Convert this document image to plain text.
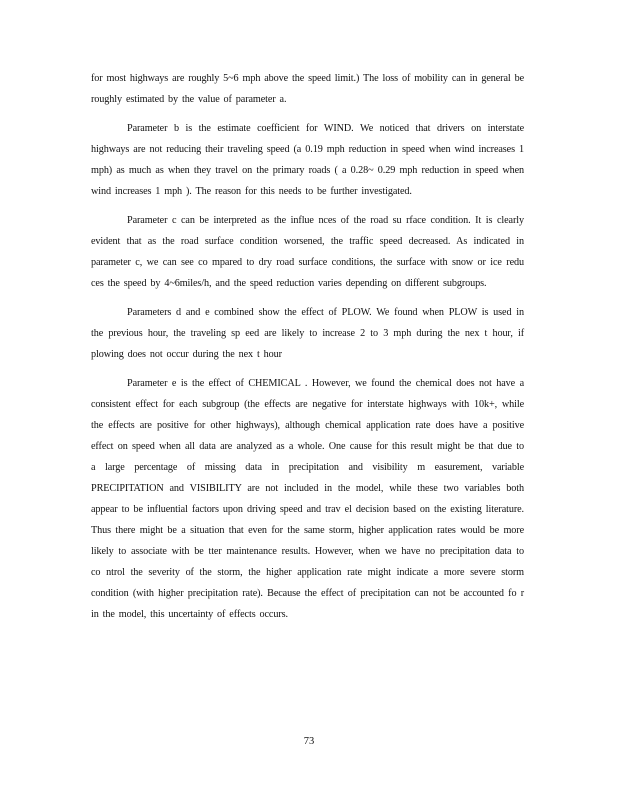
for most highways are roughly 5~6 mph above the speed limit.) The loss of mobility can in general be roughly estimated by the value of parameter a.

Parameter b is the estimate coefficient for WIND. We noticed that drivers on interstate highways are not reducing their traveling speed (a 0.19 mph reduction in speed when wind increases 1 mph) as much as when they travel on the primary roads ( a 0.28~ 0.29 mph reduction in speed when wind increases 1 mph ). The reason for this needs to be further investigated.

Parameter c can be interpreted as the influe nces of the road su rface condition. It is clearly evident that as the road surface condition worsened, the traffic speed decreased. As indicated in parameter c, we can see co mpared to dry road surface conditions, the surface with snow or ice redu ces the speed by 4~6miles/h, and the speed reduction varies depending on different subgroups.

Parameters d and e combined show the effect of PLOW. We found when PLOW is used in the previous hour, the traveling sp eed are likely to increase 2 to 3 mph during the nex t hour, if plowing does not occur during the nex t hour

Parameter e is the effect of CHEMICAL . However, we found the chemical does not have a consistent effect for each subgroup (the effects are negative for interstate highways with 10k+, while the effects are positive for other highways), although chemical application rate does have a positive effect on speed when all data are analyzed as a whole. One cause for this result might be that due to a large percentage of missing data in precipitation and visibility m easurement, variable PRECIPITATION and VISIBILITY are not included in the model, while these two variables both appear to be influential factors upon driving speed and trav el decision based on the existing literature. Thus there might be a situation that even for the same storm, higher application rates would be more likely to associate with be tter maintenance results. However, when we have no precipitation data to co ntrol the severity of the storm, the higher application rate might indicate a more severe storm condition (with higher precipitation rate). Because the effect of precipitation can not be accounted fo r in the model, this uncertainty of effects occurs.

73
